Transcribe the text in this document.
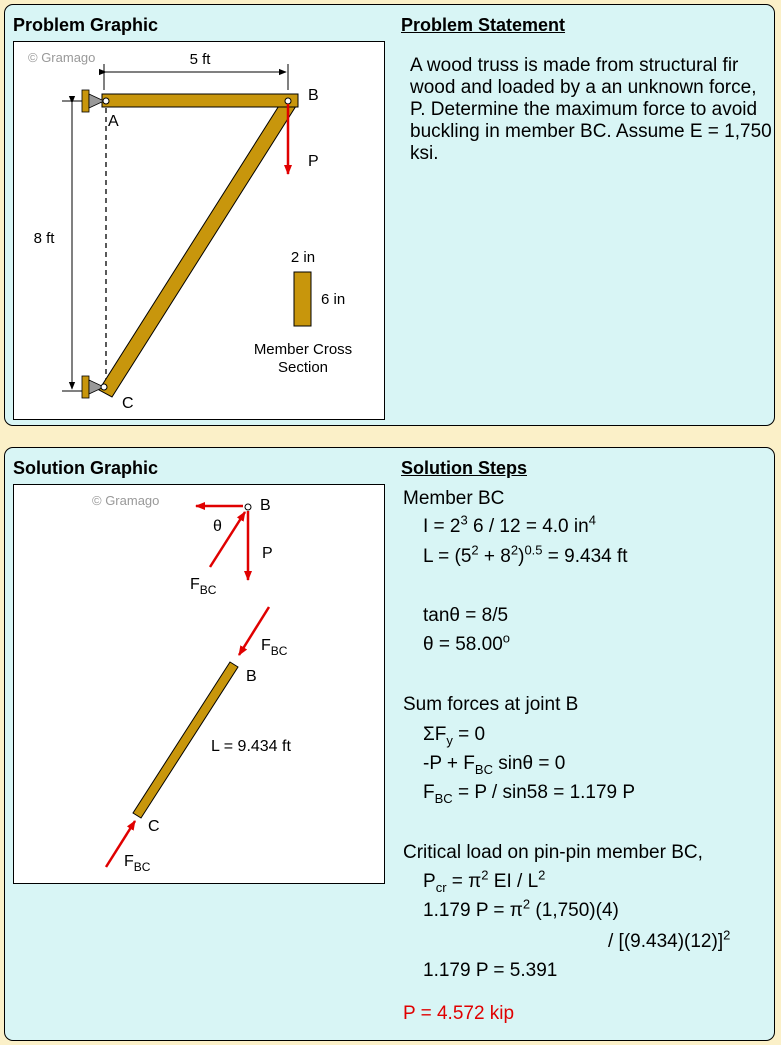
Problem Graphic	Problem Statement
© Gramago	5 ft
8 ft
P
B
A
C
2 in
6 in
Member Cross
Section
A wood truss is made from structural fir wood and loaded by a an unknown force, P. Determine the maximum force to avoid buckling in member BC. Assume E = 1,750 ksi.
Solution Graphic	Solution Steps
© Gramago	B
θ
P
$F_{BC}$
$F_{BC}$
B
L = 9.434 ft
C
$F_{BC}$
Member BC
$I = 2^3$ 6 / 12 = 4.0 $in^4$
$L = (5^2 + 8^2)^{0.5} = 9.434$ ft
tanθ = 8/5
$\theta = 58.00^o$
Sum forces at joint B
$\Sigma F_y = 0$
$-P + F_{BC}$ sinθ = 0
$F_{BC} = P / \sin 58 = 1.179$ P
Critical load on pin-pin member BC,
$P_{cr} = \pi^2$ EI / $L^2$
1.179 $P = \pi^2$ (1,750)(4)
/ $[(9.434)(12)]^2$
1.179 P = 5.391
P = 4.572 kip
